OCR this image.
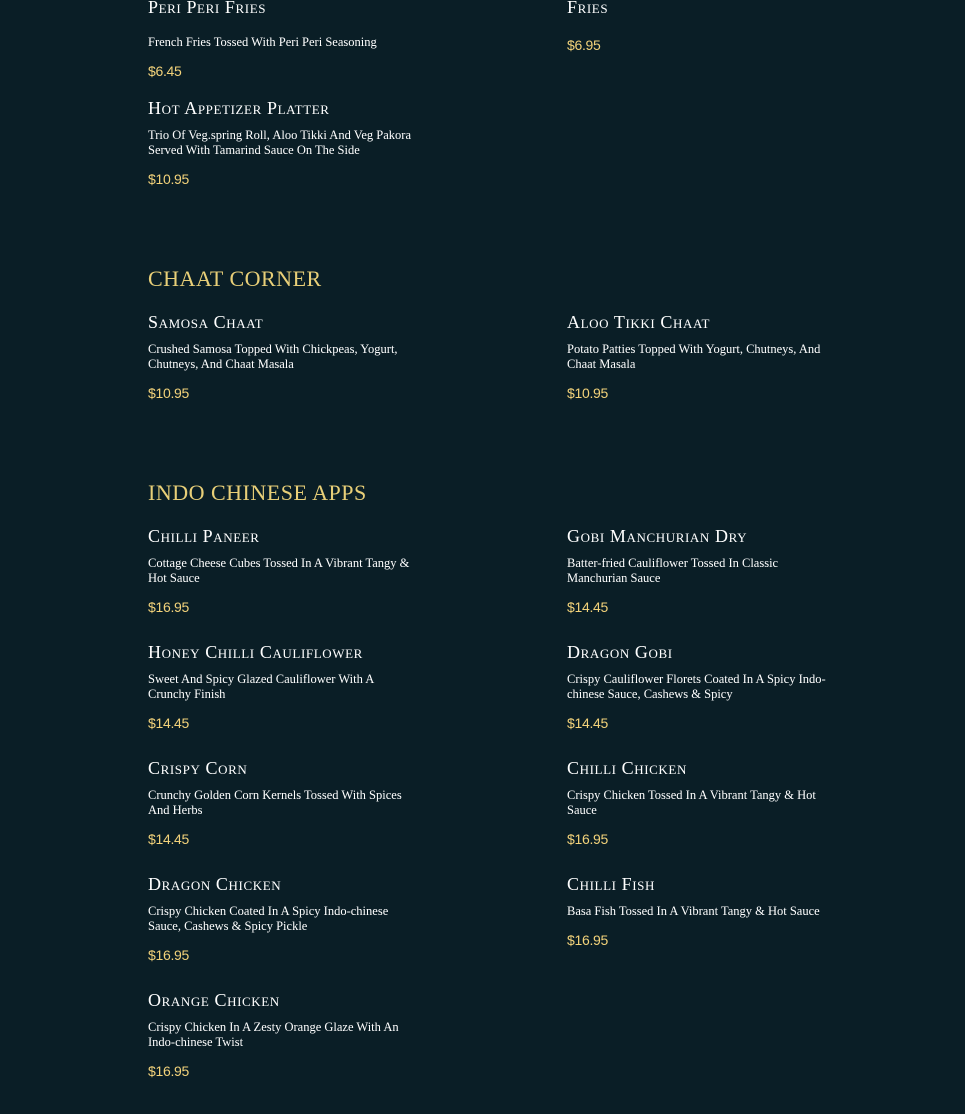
Peri Peri Fries

French Fries Tossed With Peri Peri Seasoning

$6.45

Fries

$6.95

Hot Appetizer Platter

Trio Of Veg.spring Roll, Aloo Tikki And Veg Pakora Served With Tamarind Sauce On The Side

$10.95

CHAAT CORNER
Samosa Chaat

Crushed Samosa Topped With Chickpeas, Yogurt, Chutneys, And Chaat Masala

$10.95

Aloo Tikki Chaat

Potato Patties Topped With Yogurt, Chutneys, And Chaat Masala

$10.95

INDO CHINESE APPS
Chilli Paneer

Cottage Cheese Cubes Tossed In A Vibrant Tangy & Hot Sauce

$16.95

Gobi Manchurian Dry

Batter-fried Cauliflower Tossed In Classic Manchurian Sauce

$14.45

Honey Chilli Cauliflower

Sweet And Spicy Glazed Cauliflower With A Crunchy Finish

$14.45

Dragon Gobi

Crispy Cauliflower Florets Coated In A Spicy Indo-chinese Sauce, Cashews & Spicy

$14.45

Crispy Corn

Crunchy Golden Corn Kernels Tossed With Spices And Herbs

$14.45

Chilli Chicken

Crispy Chicken Tossed In A Vibrant Tangy & Hot Sauce

$16.95

Dragon Chicken

Crispy Chicken Coated In A Spicy Indo-chinese Sauce, Cashews & Spicy Pickle

$16.95

Chilli Fish

Basa Fish Tossed In A Vibrant Tangy & Hot Sauce

$16.95

Orange Chicken

Crispy Chicken In A Zesty Orange Glaze With An Indo-chinese Twist

$16.95
